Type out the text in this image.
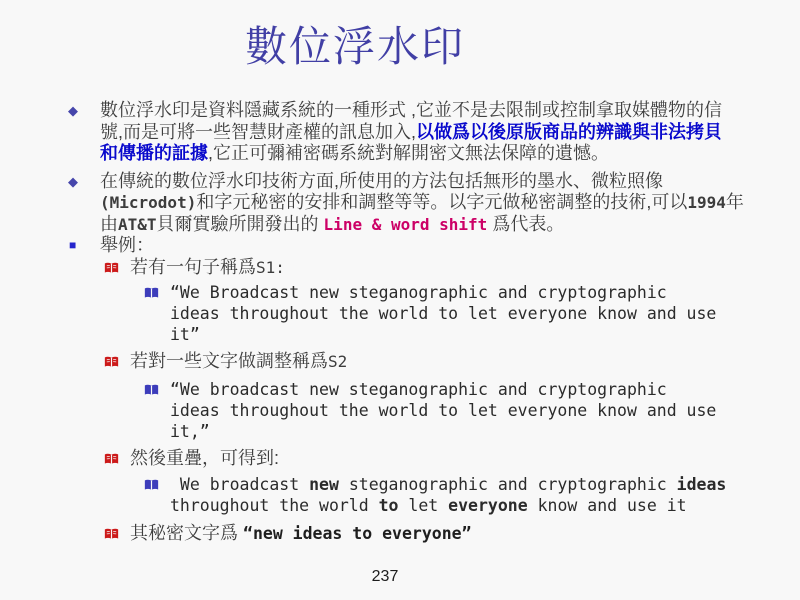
數位浮水印
◆ 數位浮水印是資料隱藏系統的一種形式 ,它並不是去限制或控制拿取媒體物的信
號,而是可將一些智慧財產權的訊息加入,以做爲以後原版商品的辨識與非法拷貝
和傳播的証據,它正可彌補密碼系統對解開密文無法保障的遺憾。
◆ 在傳統的數位浮水印技術方面,所使用的方法包括無形的墨水、微粒照像
(Microdot)和字元秘密的安排和調整等等。以字元做秘密調整的技術,可以1994年
由AT&T貝爾實驗所開發出的 Line & word shift 爲代表。
■ 舉例：
若有一句子稱爲S1:
“We Broadcast new steganographic and cryptographic
ideas throughout the world to let everyone know and use
it”
若對一些文字做調整稱爲S2
“We broadcast new steganographic and cryptographic
ideas throughout the world to let everyone know and use
it,”
然後重疊，可得到:
We broadcast new steganographic and cryptographic ideas
throughout the world to let everyone know and use it
其秘密文字爲 “new ideas to everyone”
237
